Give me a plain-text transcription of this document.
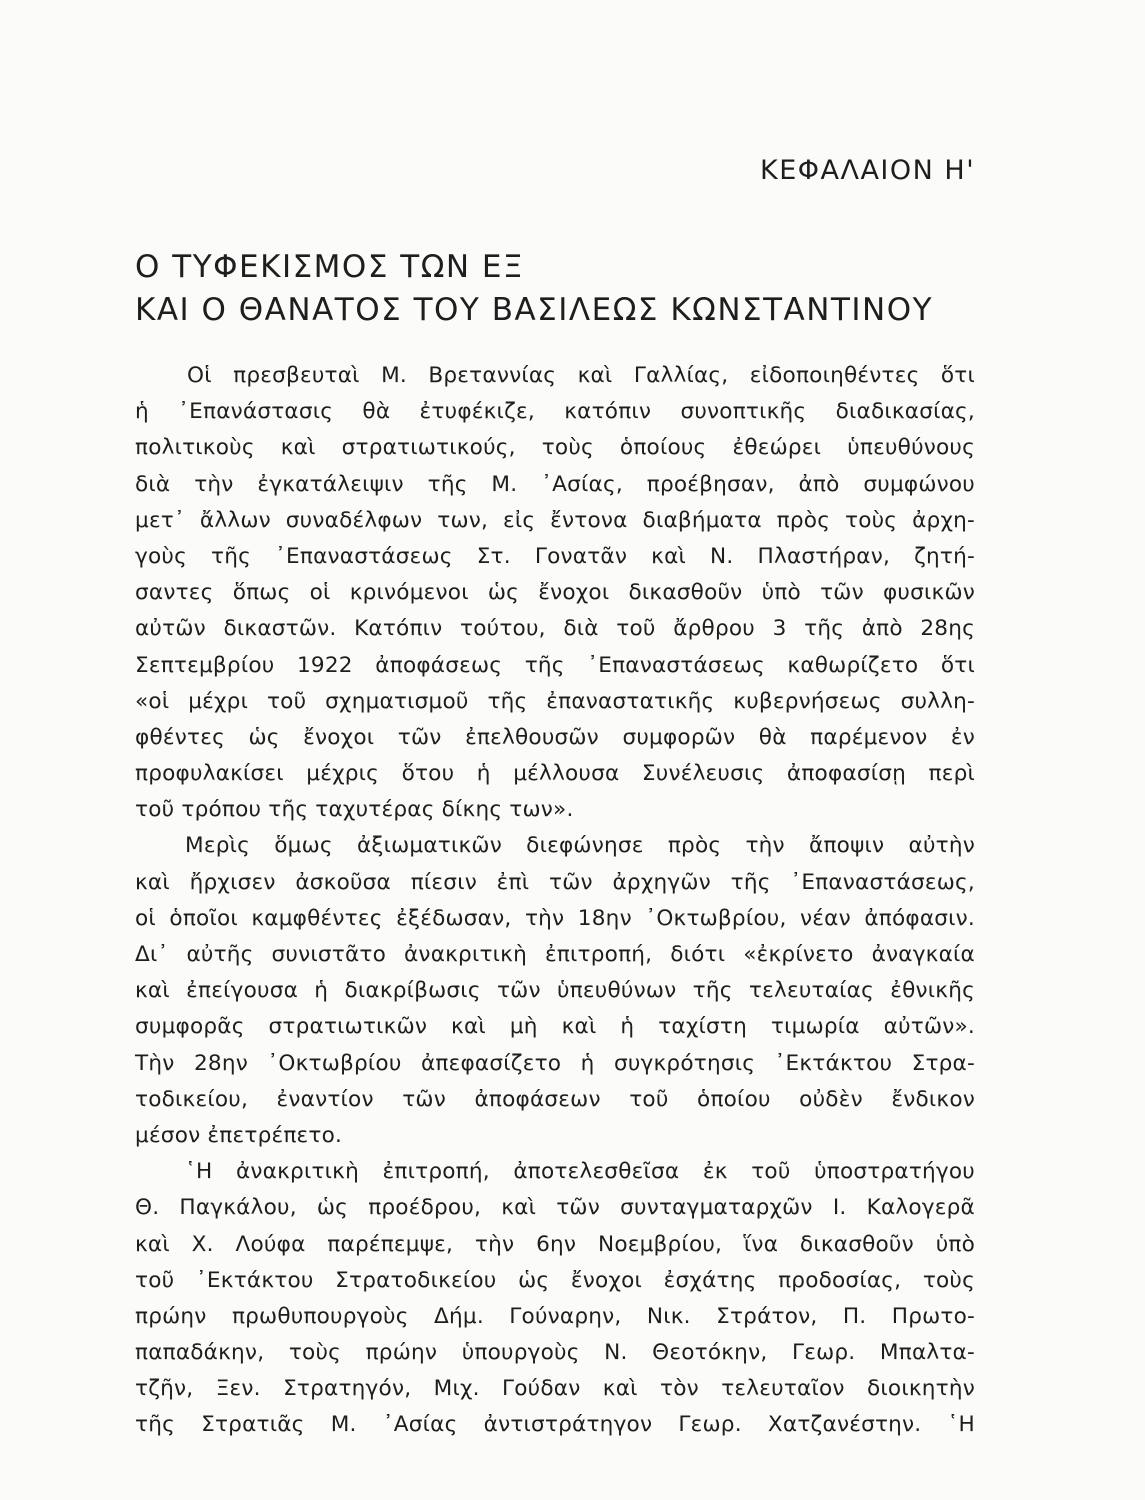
ΚΕΦΑΛΑΙΟΝ Η'
Ο ΤΥΦΕΚΙΣΜΟΣ ΤΩΝ ΕΞ
ΚΑΙ Ο ΘΑΝΑΤΟΣ ΤΟΥ ΒΑΣΙΛΕΩΣ ΚΩΝΣΤΑΝΤΙΝΟΥ
Οἱ πρεσβευταὶ Μ. Βρεταννίας καὶ Γαλλίας, εἰδοποιηθέντες ὅτι
ἡ ᾿Επανάστασις θὰ ἐτυφέκιζε, κατόπιν συνοπτικῆς διαδικασίας,
πολιτικοὺς καὶ στρατιωτικούς, τοὺς ὁποίους ἐθεώρει ὑπευθύνους
διὰ τὴν ἐγκατάλειψιν τῆς Μ. ᾿Ασίας, προέβησαν, ἀπὸ συμφώνου
μετ᾿ ἄλλων συναδέλφων των, εἰς ἔντονα διαβήματα πρὸς τοὺς ἀρχη-
γοὺς τῆς ᾿Επαναστάσεως Στ. Γονατᾶν καὶ Ν. Πλαστήραν, ζητή-
σαντες ὅπως οἱ κρινόμενοι ὡς ἔνοχοι δικασθοῦν ὑπὸ τῶν φυσικῶν
αὐτῶν δικαστῶν. Κατόπιν τούτου, διὰ τοῦ ἄρθρου 3 τῆς ἀπὸ 28ης
Σεπτεμβρίου 1922 ἀποφάσεως τῆς ᾿Επαναστάσεως καθωρίζετο ὅτι
«οἱ μέχρι τοῦ σχηματισμοῦ τῆς ἐπαναστατικῆς κυβερνήσεως συλλη-
φθέντες ὡς ἔνοχοι τῶν ἐπελθουσῶν συμφορῶν θὰ παρέμενον ἐν
προφυλακίσει μέχρις ὅτου ἡ μέλλουσα Συνέλευσις ἀποφασίσῃ περὶ
τοῦ τρόπου τῆς ταχυτέρας δίκης των».
Μερὶς ὅμως ἀξιωματικῶν διεφώνησε πρὸς τὴν ἄποψιν αὐτὴν
καὶ ἤρχισεν ἀσκοῦσα πίεσιν ἐπὶ τῶν ἀρχηγῶν τῆς ᾿Επαναστάσεως,
οἱ ὁποῖοι καμφθέντες ἐξέδωσαν, τὴν 18ην ᾿Οκτωβρίου, νέαν ἀπόφασιν.
Δι᾿ αὐτῆς συνιστᾶτο ἀνακριτικὴ ἐπιτροπή, διότι «ἐκρίνετο ἀναγκαία
καὶ ἐπείγουσα ἡ διακρίβωσις τῶν ὑπευθύνων τῆς τελευταίας ἐθνικῆς
συμφορᾶς στρατιωτικῶν καὶ μὴ καὶ ἡ ταχίστη τιμωρία αὐτῶν».
Τὴν 28ην ᾿Οκτωβρίου ἀπεφασίζετο ἡ συγκρότησις ᾿Εκτάκτου Στρα-
τοδικείου, ἐναντίον τῶν ἀποφάσεων τοῦ ὁποίου οὐδὲν ἔνδικον
μέσον ἐπετρέπετο.
῾Η ἀνακριτικὴ ἐπιτροπή, ἀποτελεσθεῖσα ἐκ τοῦ ὑποστρατήγου
Θ. Παγκάλου, ὡς προέδρου, καὶ τῶν συνταγματαρχῶν Ι. Καλογερᾶ
καὶ Χ. Λούφα παρέπεμψε, τὴν 6ην Νοεμβρίου, ἵνα δικασθοῦν ὑπὸ
τοῦ ᾿Εκτάκτου Στρατοδικείου ὡς ἔνοχοι ἐσχάτης προδοσίας, τοὺς
πρώην πρωθυπουργοὺς Δήμ. Γούναρην, Νικ. Στράτον, Π. Πρωτο-
παπαδάκην, τοὺς πρώην ὑπουργοὺς Ν. Θεοτόκην, Γεωρ. Μπαλτα-
τζῆν, Ξεν. Στρατηγόν, Μιχ. Γούδαν καὶ τὸν τελευταῖον διοικητὴν
τῆς Στρατιᾶς Μ. ᾿Ασίας ἀντιστράτηγον Γεωρ. Χατζανέστην. ῾Η
